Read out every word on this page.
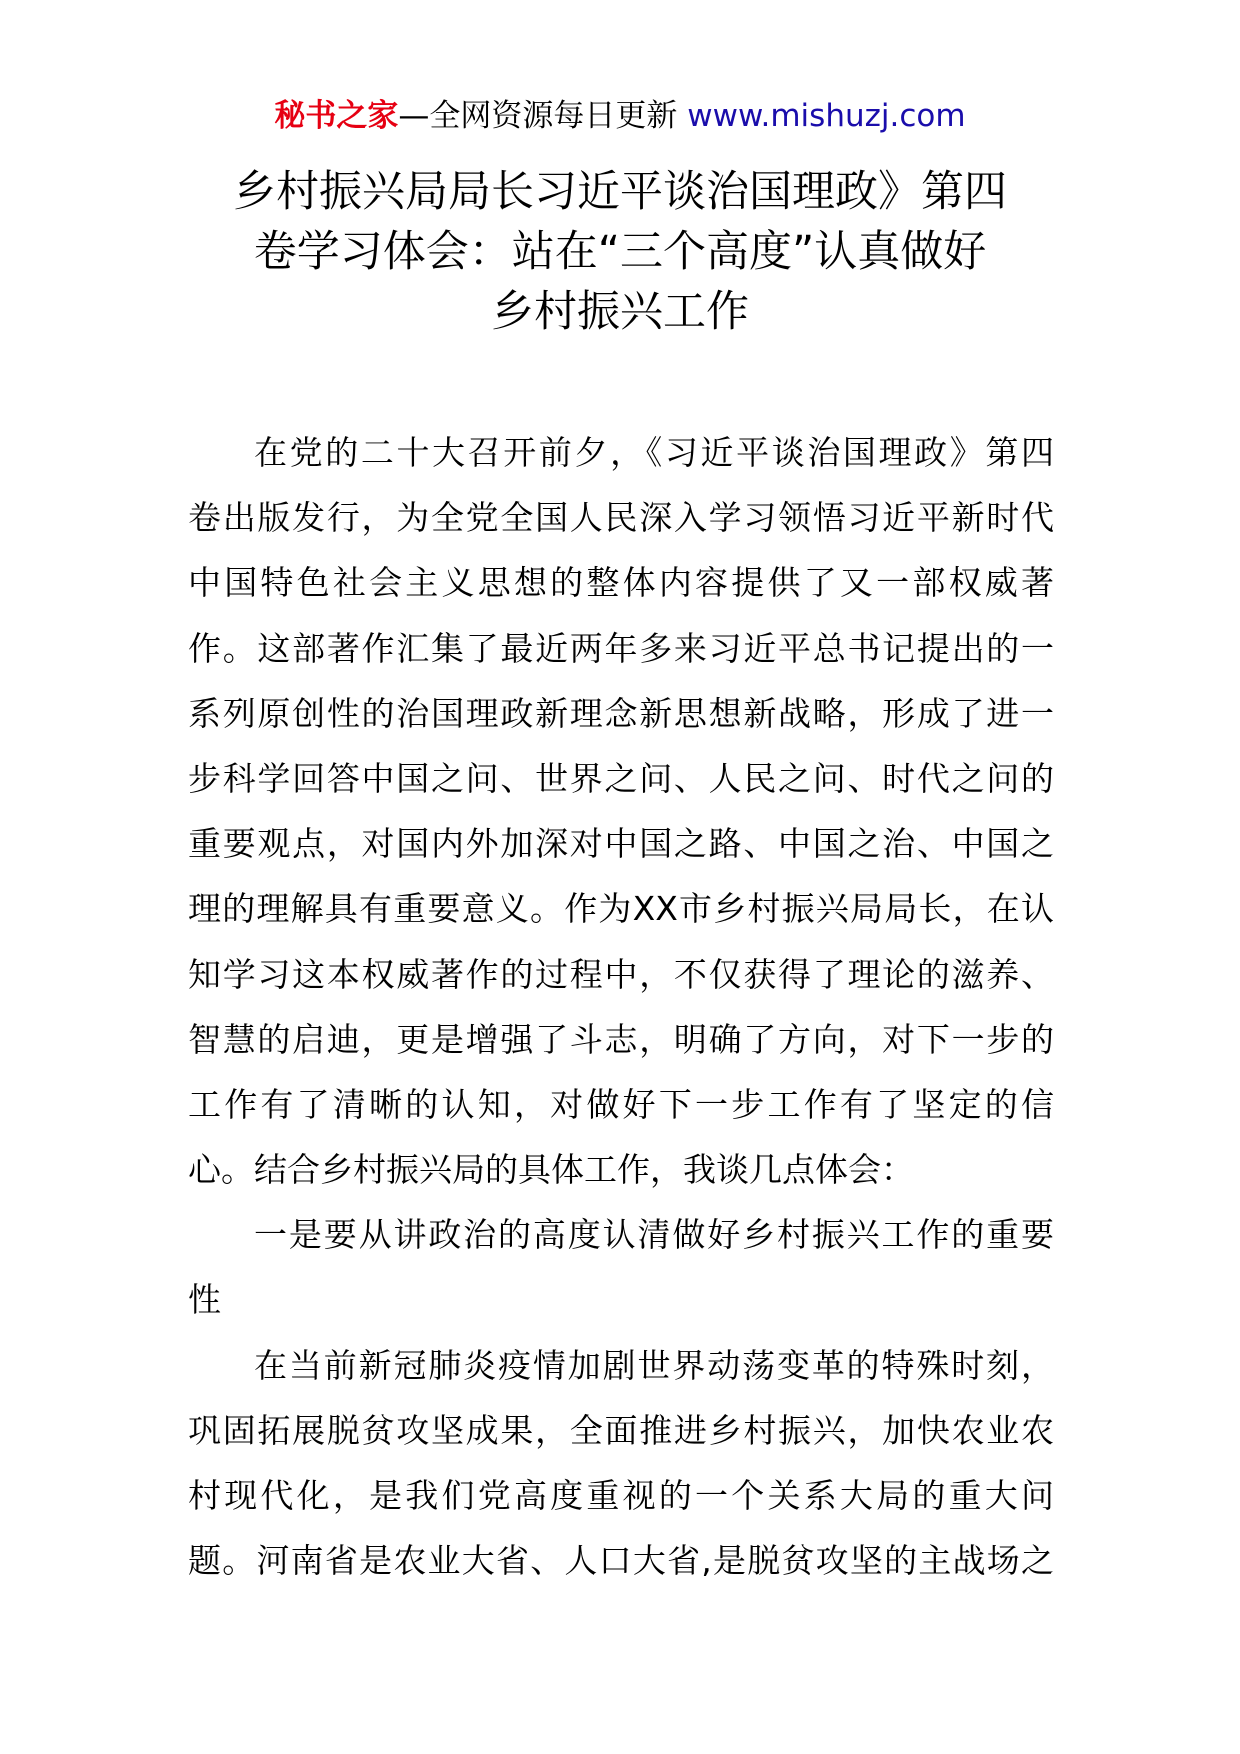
秘书之家—全网资源每日更新 www.mishuzj.com
乡村振兴局局长习近平谈治国理政》第四
卷学习体会：站在“三个高度”认真做好
乡村振兴工作
在党的二十大召开前夕，《习近平谈治国理政》第四
卷出版发行，为全党全国人民深入学习领悟习近平新时代
中国特色社会主义思想的整体内容提供了又一部权威著
作。这部著作汇集了最近两年多来习近平总书记提出的一
系列原创性的治国理政新理念新思想新战略，形成了进一
步科学回答中国之问、世界之问、人民之问、时代之问的
重要观点，对国内外加深对中国之路、中国之治、中国之
理的理解具有重要意义。作为XX市乡村振兴局局长，在认
知学习这本权威著作的过程中，不仅获得了理论的滋养、
智慧的启迪，更是增强了斗志，明确了方向，对下一步的
工作有了清晰的认知，对做好下一步工作有了坚定的信
心。结合乡村振兴局的具体工作，我谈几点体会：
一是要从讲政治的高度认清做好乡村振兴工作的重要
性
在当前新冠肺炎疫情加剧世界动荡变革的特殊时刻，
巩固拓展脱贫攻坚成果，全面推进乡村振兴，加快农业农
村现代化，是我们党高度重视的一个关系大局的重大问
题。河南省是农业大省、人口大省,是脱贫攻坚的主战场之
